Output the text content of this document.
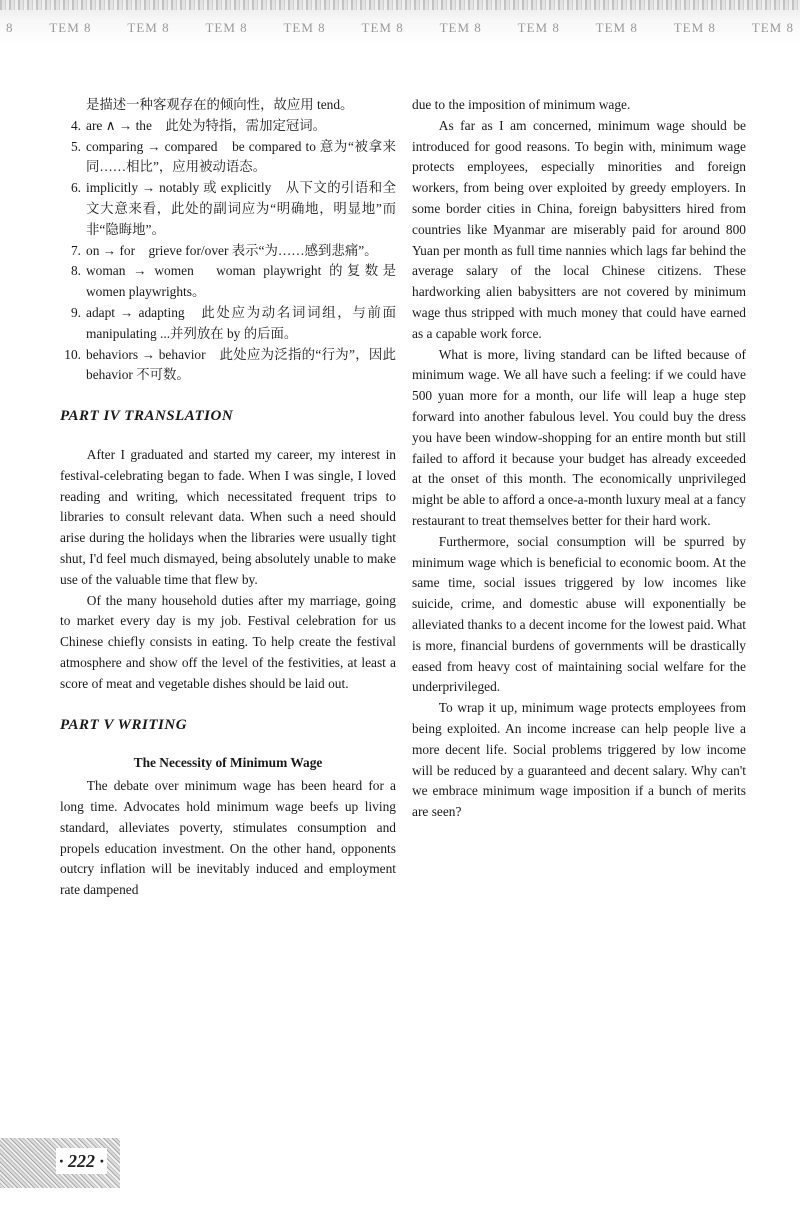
8	TEM 8	TEM 8	TEM 8	TEM 8	TEM 8	TEM 8	TEM 8	TEM 8	TEM 8	TEM 8

是描述一种客观存在的倾向性，故应用 tend。

4. are ∧ → the　此处为特指，需加定冠词。
5. comparing → compared　be compared to 意为“被拿来同……相比”，应用被动语态。
6. implicitly → notably 或 explicitly　从下文的引语和全文大意来看，此处的副词应为“明确地，明显地”而非“隐晦地”。
7. on → for　grieve for/over 表示“为……感到悲痛”。
8. woman → women　woman playwright 的复数是 women playwrights。
9. adapt → adapting　此处应为动名词词组，与前面 manipulating ...并列放在 by 的后面。
10. behaviors → behavior　此处应为泛指的“行为”，因此 behavior 不可数。
PART IV TRANSLATION

After I graduated and started my career, my interest in festival-celebrating began to fade. When I was single, I loved reading and writing, which necessitated frequent trips to libraries to consult relevant data. When such a need should arise during the holidays when the libraries were usually tight shut, I'd feel much dismayed, being absolutely unable to make use of the valuable time that flew by.

Of the many household duties after my marriage, going to market every day is my job. Festival celebration for us Chinese chiefly consists in eating. To help create the festival atmosphere and show off the level of the festivities, at least a score of meat and vegetable dishes should be laid out.

PART V WRITING
The Necessity of Minimum Wage

The debate over minimum wage has been heard for a long time. Advocates hold minimum wage beefs up living standard, alleviates poverty, stimulates consumption and propels education investment. On the other hand, opponents outcry inflation will be inevitably induced and employment rate dampened

due to the imposition of minimum wage.

As far as I am concerned, minimum wage should be introduced for good reasons. To begin with, minimum wage protects employees, especially minorities and foreign workers, from being over exploited by greedy employers. In some border cities in China, foreign babysitters hired from countries like Myanmar are miserably paid for around 800 Yuan per month as full time nannies which lags far behind the average salary of the local Chinese citizens. These hardworking alien babysitters are not covered by minimum wage thus stripped with much money that could have earned as a capable work force.

What is more, living standard can be lifted because of minimum wage. We all have such a feeling: if we could have 500 yuan more for a month, our life will leap a huge step forward into another fabulous level. You could buy the dress you have been window-shopping for an entire month but still failed to afford it because your budget has already exceeded at the onset of this month. The economically unprivileged might be able to afford a once-a-month luxury meal at a fancy restaurant to treat themselves better for their hard work.

Furthermore, social consumption will be spurred by minimum wage which is beneficial to economic boom. At the same time, social issues triggered by low incomes like suicide, crime, and domestic abuse will exponentially be alleviated thanks to a decent income for the lowest paid. What is more, financial burdens of governments will be drastically eased from heavy cost of maintaining social welfare for the underprivileged.

To wrap it up, minimum wage protects employees from being exploited. An income increase can help people live a more decent life. Social problems triggered by low income will be reduced by a guaranteed and decent salary. Why can't we embrace minimum wage imposition if a bunch of merits are seen?

· 222 ·
